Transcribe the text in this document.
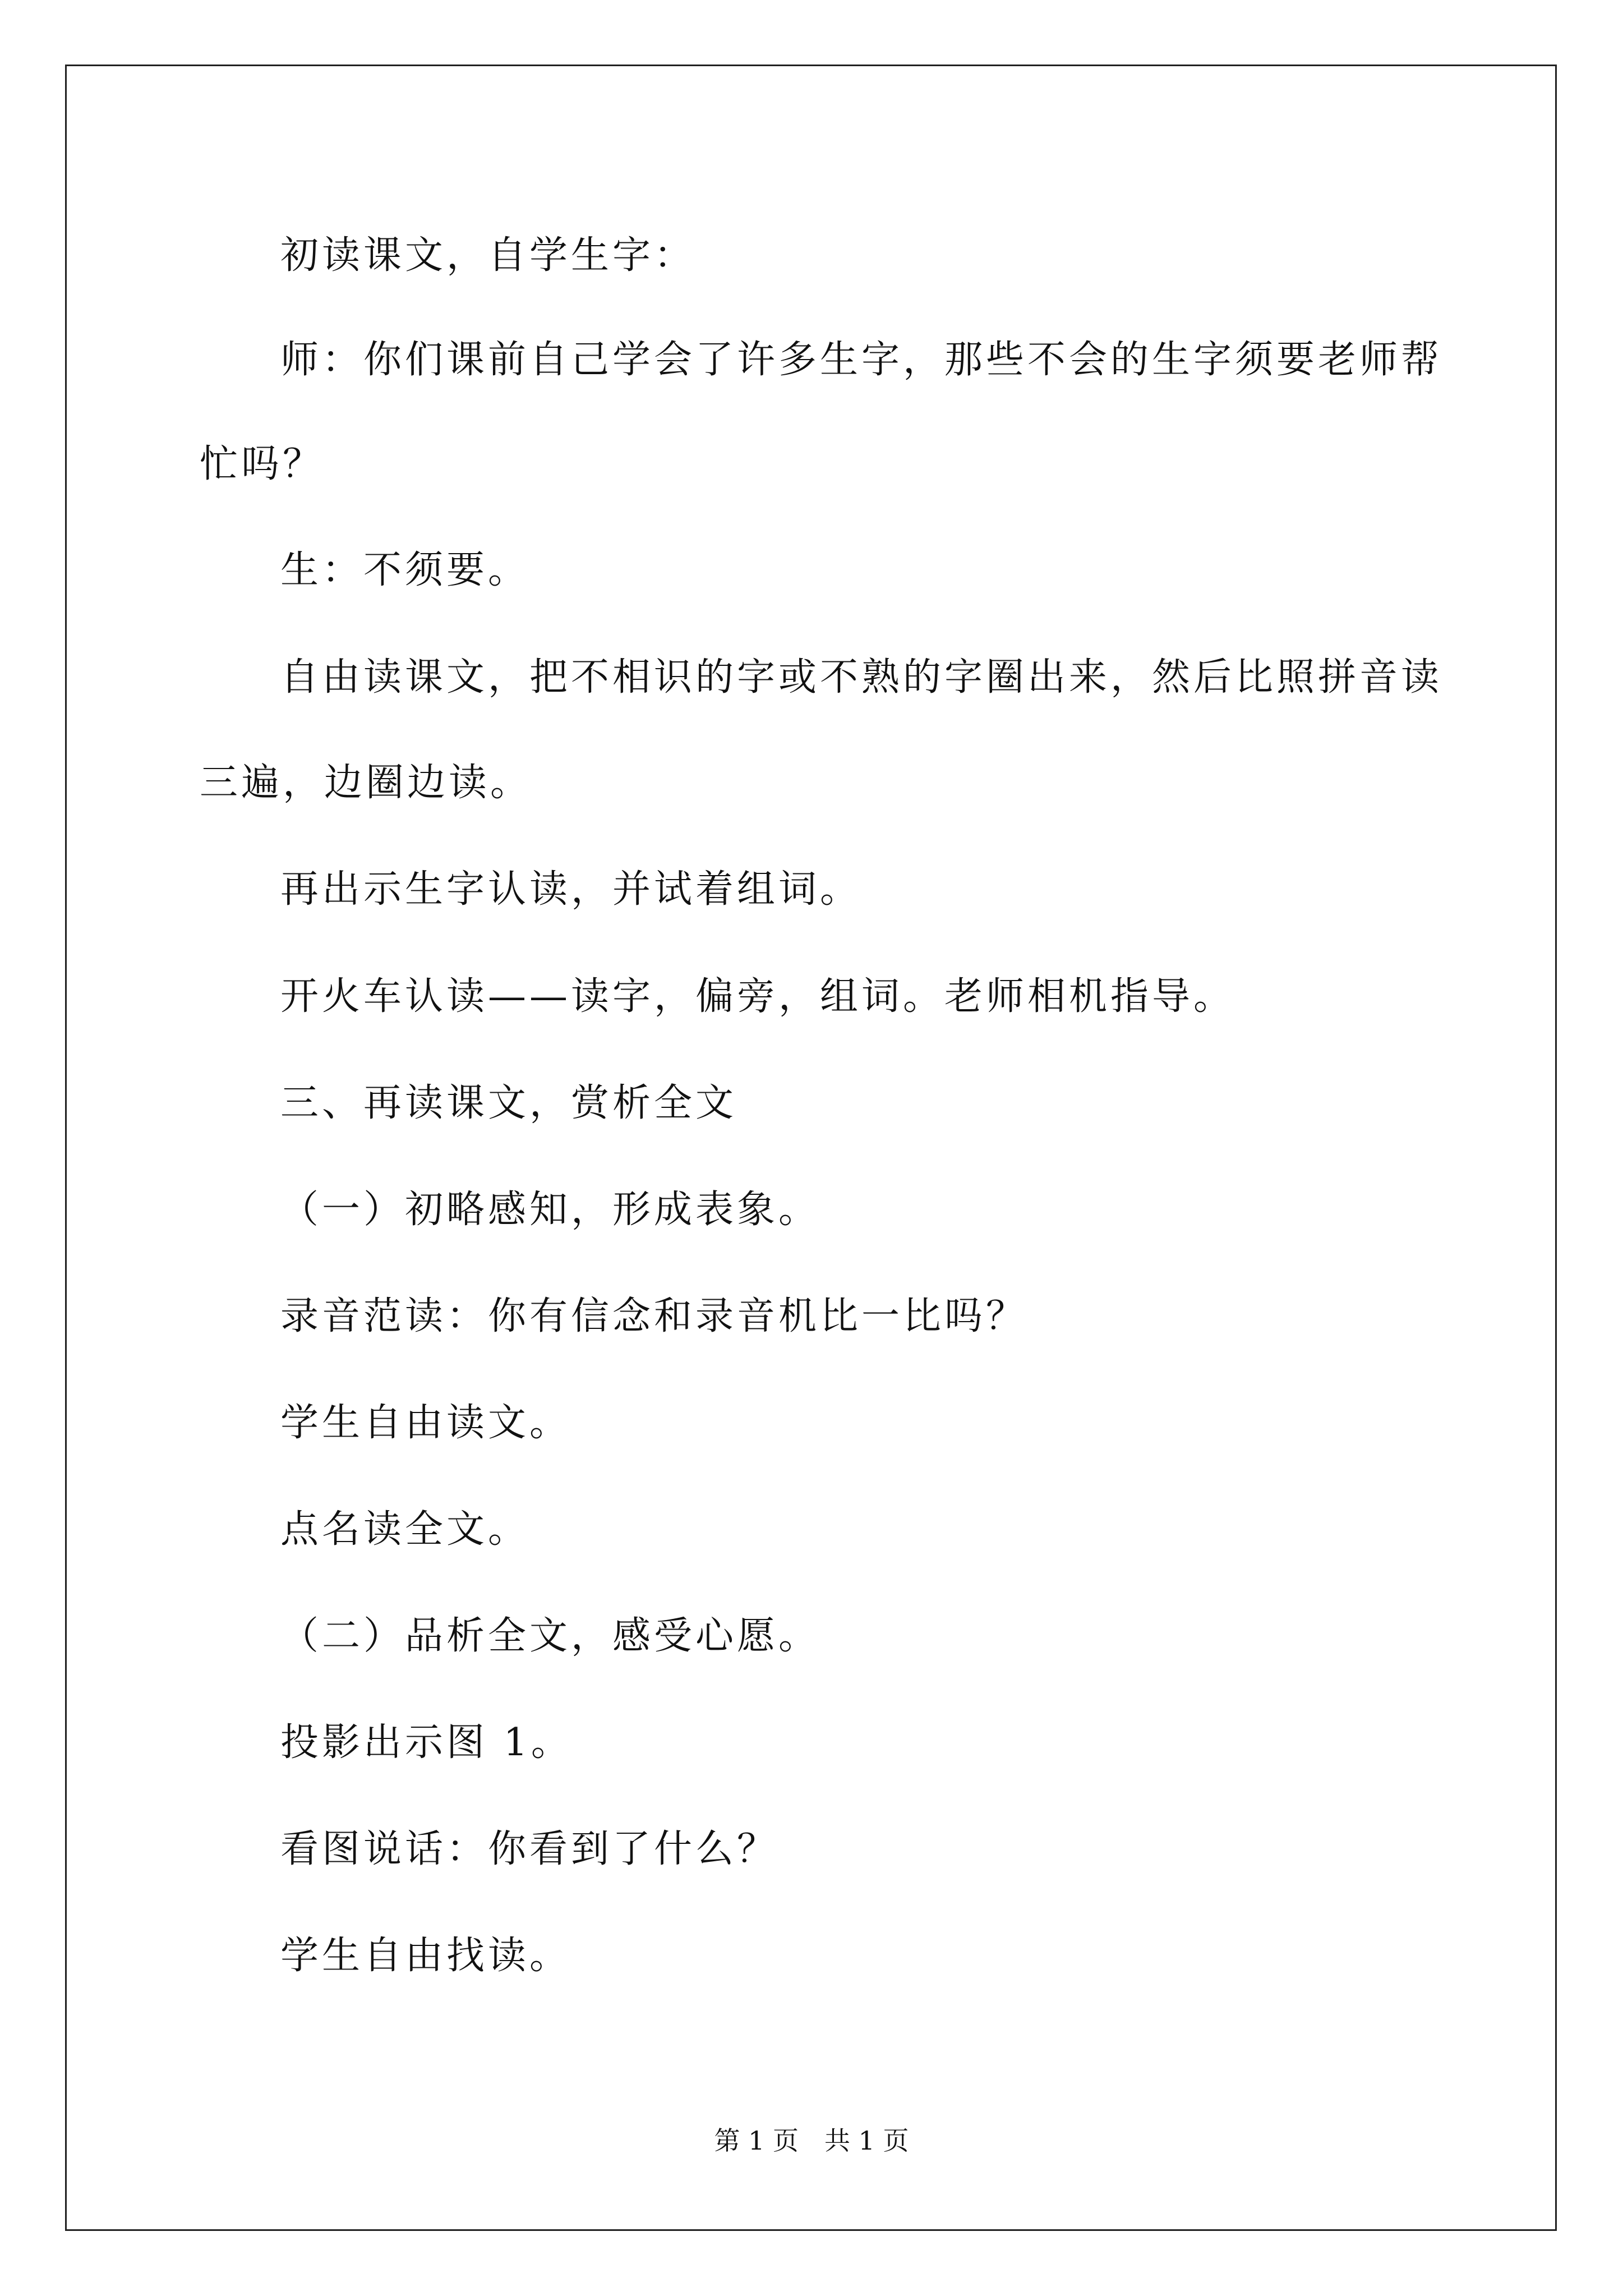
初读课文，自学生字：
师：你们课前自己学会了许多生字，那些不会的生字须要老师帮
忙吗？
生：不须要。
自由读课文，把不相识的字或不熟的字圈出来，然后比照拼音读
三遍，边圈边读。
再出示生字认读，并试着组词。
开火车认读——读字，偏旁，组词。老师相机指导。
三、再读课文，赏析全文
（一）初略感知，形成表象。
录音范读：你有信念和录音机比一比吗？
学生自由读文。
点名读全文。
（二）品析全文，感受心愿。
投影出示图 1。
看图说话：你看到了什么？
学生自由找读。
第 1 页　共 1 页
